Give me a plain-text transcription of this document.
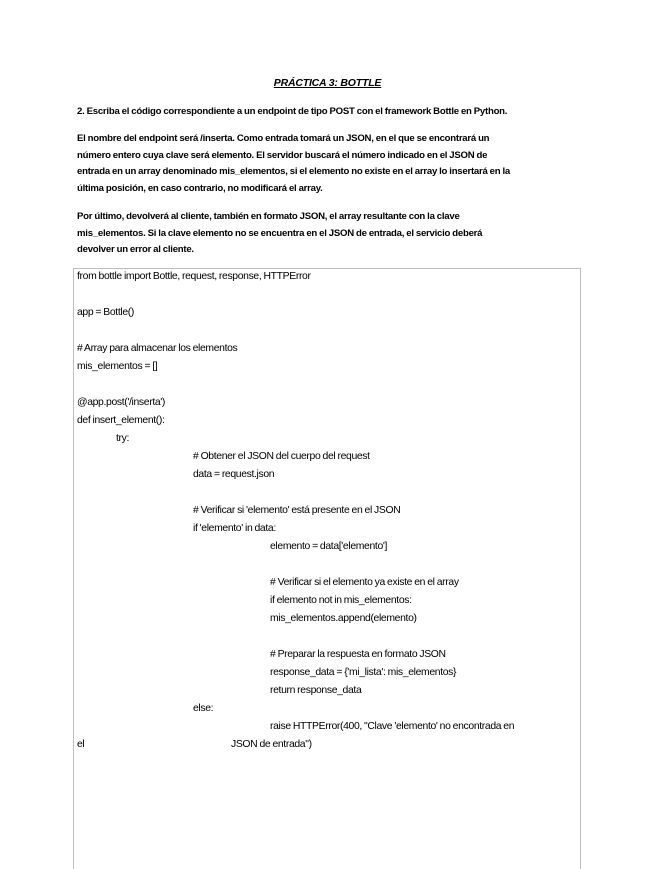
PRÁCTICA 3: BOTTLE
2. Escriba el código correspondiente a un endpoint de tipo POST con el framework Bottle en Python.
El nombre del endpoint será /inserta. Como entrada tomará un JSON, en el que se encontrará un
número entero cuya clave será elemento. El servidor buscará el número indicado en el JSON de
entrada en un array denominado mis_elementos, si el elemento no existe en el array lo insertará en la
última posición, en caso contrario, no modificará el array.
Por último, devolverá al cliente, también en formato JSON, el array resultante con la clave
mis_elementos. Si la clave elemento no se encuentra en el JSON de entrada, el servicio deberá
devolver un error al cliente.
from bottle import Bottle, request, response, HTTPError
app = Bottle()
# Array para almacenar los elementos
mis_elementos = []
@app.post('/inserta')
def insert_element():
try:
# Obtener el JSON del cuerpo del request
data = request.json
# Verificar si 'elemento' está presente en el JSON
if 'elemento' in data:
elemento = data['elemento']
# Verificar si el elemento ya existe en el array
if elemento not in mis_elementos:
mis_elementos.append(elemento)
# Preparar la respuesta en formato JSON
response_data = {'mi_lista': mis_elementos}
return response_data
else:
raise HTTPError(400, "Clave 'elemento' no encontrada en
el	JSON de entrada")
